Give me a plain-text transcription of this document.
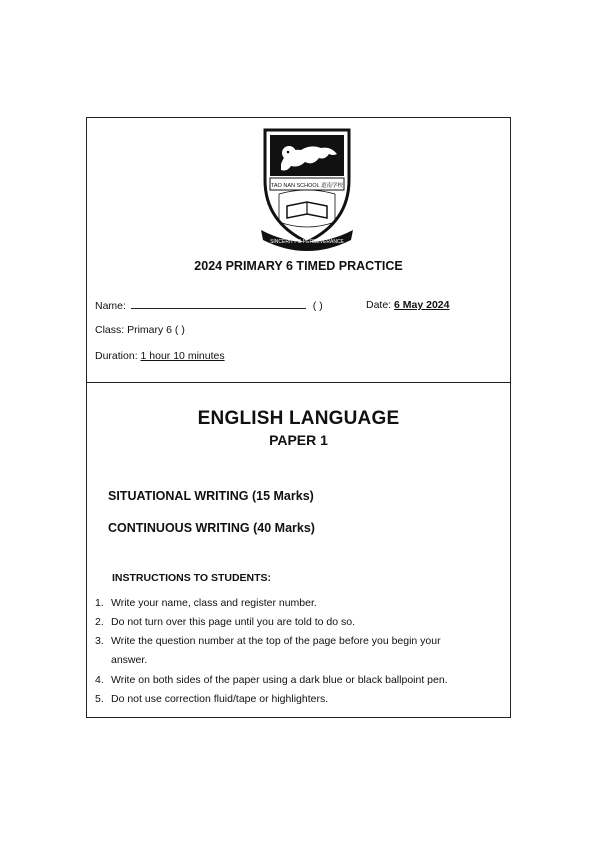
TAO NAN SCHOOL 道南学校
SINCERITY & PERSEVERANCE
2024 PRIMARY 6 TIMED PRACTICE
Name:	( )	Date: 6 May 2024
Class: Primary 6 ( )
Duration: 1 hour 10 minutes
ENGLISH LANGUAGE
PAPER 1
SITUATIONAL WRITING (15 Marks)
CONTINUOUS WRITING (40 Marks)
INSTRUCTIONS TO STUDENTS:
1. Write your name, class and register number.
2. Do not turn over this page until you are told to do so.
3. Write the question number at the top of the page before you begin your
answer.
4. Write on both sides of the paper using a dark blue or black ballpoint pen.
5. Do not use correction fluid/tape or highlighters.
